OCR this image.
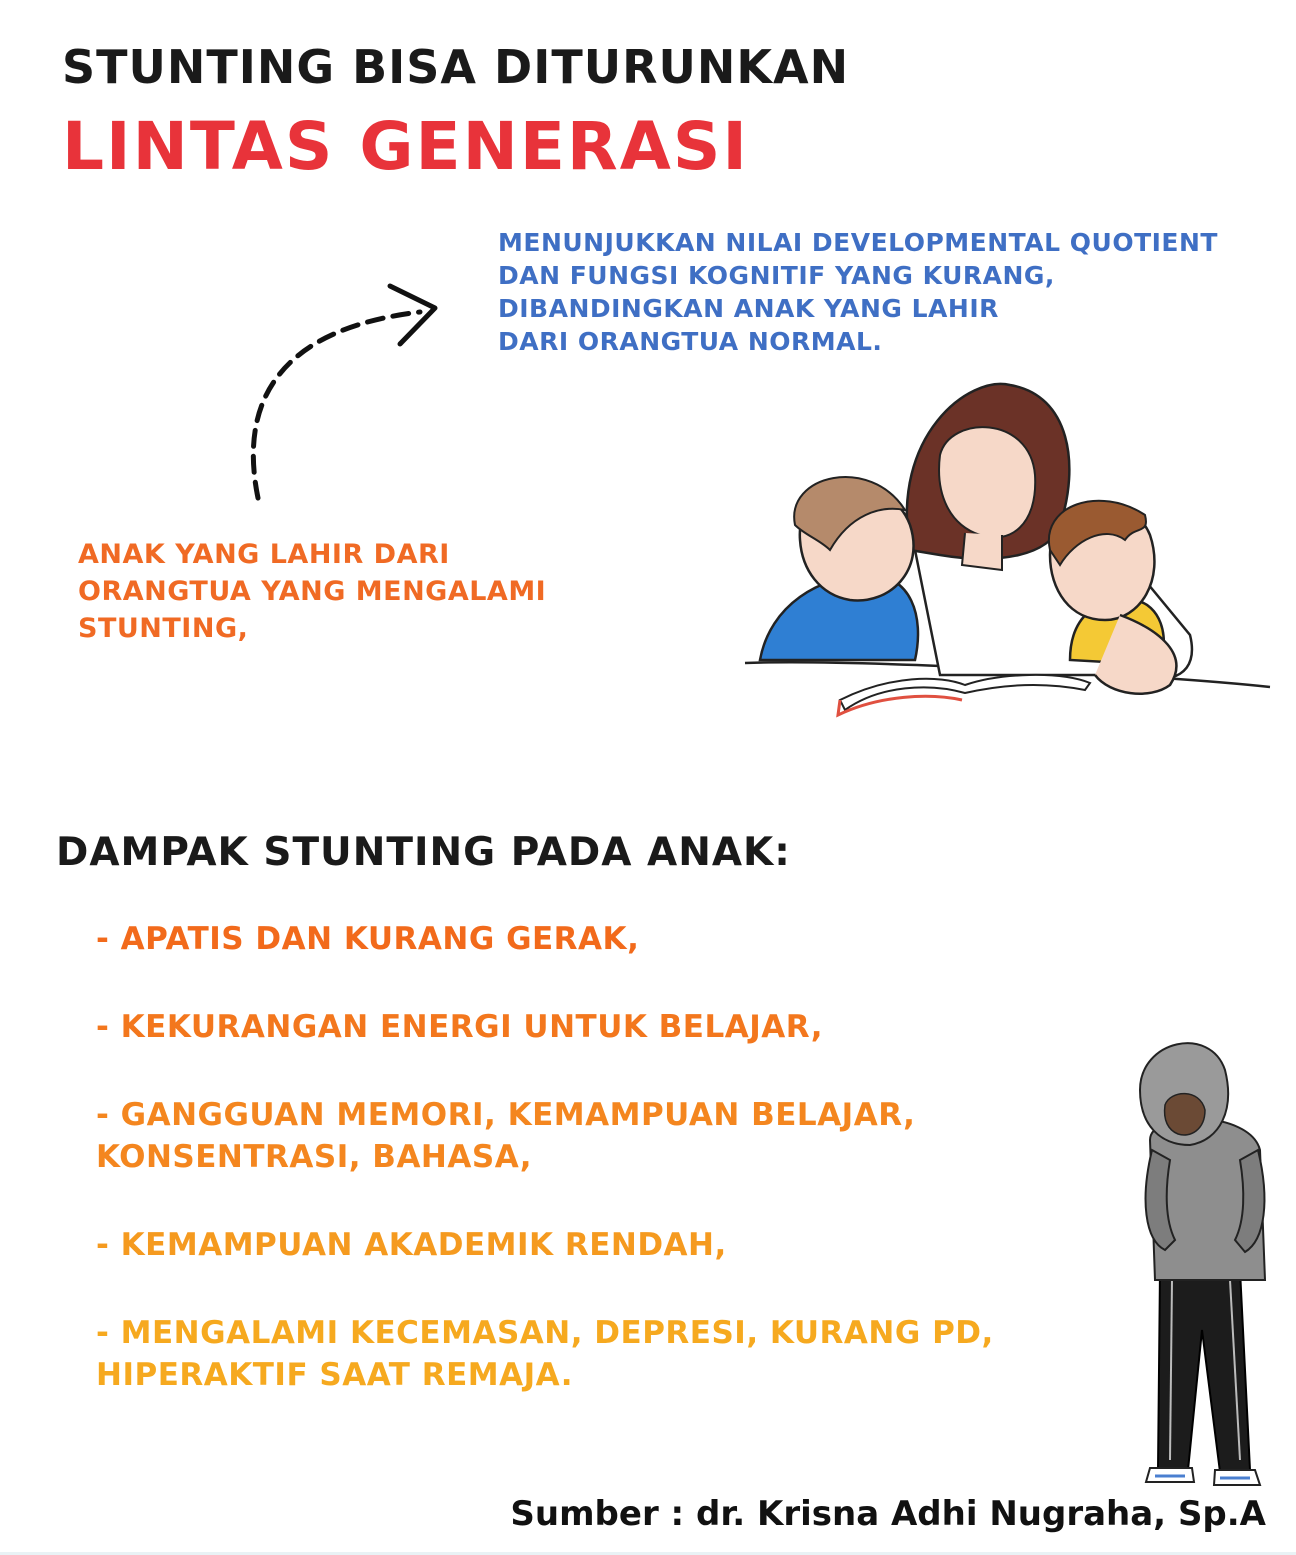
STUNTING BISA DITURUNKAN
LINTAS GENERASI
MENUNJUKKAN NILAI DEVELOPMENTAL QUOTIENT
DAN FUNGSI KOGNITIF YANG KURANG,
DIBANDINGKAN ANAK YANG LAHIR
DARI ORANGTUA NORMAL.
ANAK YANG LAHIR DARI
ORANGTUA YANG MENGALAMI
STUNTING,
DAMPAK STUNTING PADA ANAK:
- APATIS DAN KURANG GERAK,
- KEKURANGAN ENERGI UNTUK BELAJAR,
- GANGGUAN MEMORI, KEMAMPUAN BELAJAR,
KONSENTRASI, BAHASA,
- KEMAMPUAN AKADEMIK RENDAH,
- MENGALAMI KECEMASAN, DEPRESI, KURANG PD,
HIPERAKTIF SAAT REMAJA.
Sumber : dr. Krisna Adhi Nugraha, Sp.A
